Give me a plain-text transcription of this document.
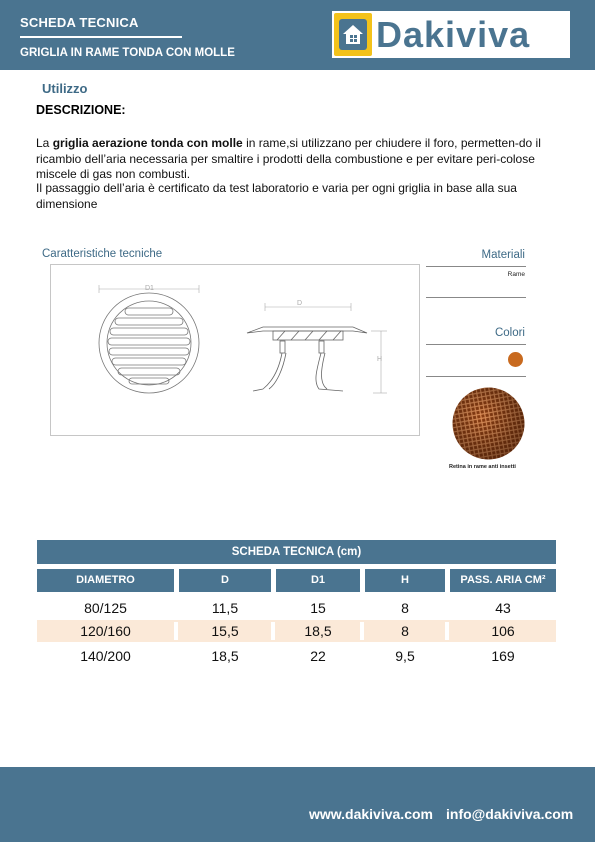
SCHEDA TECNICA
GRIGLIA IN RAME TONDA CON MOLLE	Dakiviva
Utilizzo
DESCRIZIONE:
La griglia aerazione tonda con molle in rame,si utilizzano per chiudere il foro, permetten-do il ricambio dell’aria necessaria per smaltire i prodotti della combustione e per evitare peri-colose miscele di gas non combusti.
Il passaggio dell’aria è certificato da test laboratorio e varia per ogni griglia in base alla sua dimensione
Caratteristiche tecniche
D1
D
H
Materiali
Rame
Colori
Retina in rame anti insetti
SCHEDA TECNICA (cm)
DIAMETRO	D	D1	H	PASS. ARIA CM²
80/125	11,5	15	8	43
120/160	15,5	18,5	8	106
140/200	18,5	22	9,5	169
www.dakiviva.com info@dakiviva.com
